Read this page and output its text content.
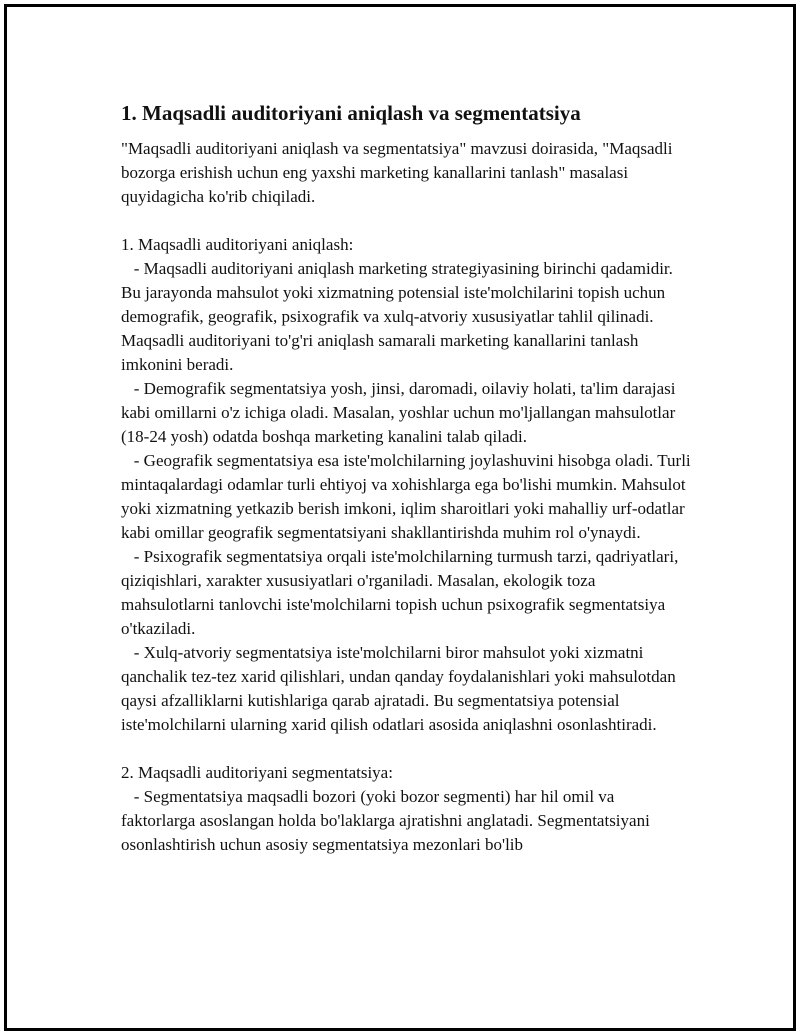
1. Maqsadli auditoriyani aniqlash va segmentatsiya

"Maqsadli auditoriyani aniqlash va segmentatsiya" mavzusi doirasida, "Maqsadli bozorga erishish uchun eng yaxshi marketing kanallarini tanlash" masalasi quyidagicha ko'rib chiqiladi.

1. Maqsadli auditoriyani aniqlash:

- Maqsadli auditoriyani aniqlash marketing strategiyasining birinchi qadamidir. Bu jarayonda mahsulot yoki xizmatning potensial iste'molchilarini topish uchun demografik, geografik, psixografik va xulq-atvoriy xususiyatlar tahlil qilinadi. Maqsadli auditoriyani to'g'ri aniqlash samarali marketing kanallarini tanlash imkonini beradi.

- Demografik segmentatsiya yosh, jinsi, daromadi, oilaviy holati, ta'lim darajasi kabi omillarni o'z ichiga oladi. Masalan, yoshlar uchun mo'ljallangan mahsulotlar (18-24 yosh) odatda boshqa marketing kanalini talab qiladi.

- Geografik segmentatsiya esa iste'molchilarning joylashuvini hisobga oladi. Turli mintaqalardagi odamlar turli ehtiyoj va xohishlarga ega bo'lishi mumkin. Mahsulot yoki xizmatning yetkazib berish imkoni, iqlim sharoitlari yoki mahalliy urf-odatlar kabi omillar geografik segmentatsiyani shakllantirishda muhim rol o'ynaydi.

- Psixografik segmentatsiya orqali iste'molchilarning turmush tarzi, qadriyatlari, qiziqishlari, xarakter xususiyatlari o'rganiladi. Masalan, ekologik toza mahsulotlarni tanlovchi iste'molchilarni topish uchun psixografik segmentatsiya o'tkaziladi.

- Xulq-atvoriy segmentatsiya iste'molchilarni biror mahsulot yoki xizmatni qanchalik tez-tez xarid qilishlari, undan qanday foydalanishlari yoki mahsulotdan qaysi afzalliklarni kutishlariga qarab ajratadi. Bu segmentatsiya potensial iste'molchilarni ularning xarid qilish odatlari asosida aniqlashni osonlashtiradi.

2. Maqsadli auditoriyani segmentatsiya:

- Segmentatsiya maqsadli bozori (yoki bozor segmenti) har hil omil va faktorlarga asoslangan holda bo'laklarga ajratishni anglatadi. Segmentatsiyani osonlashtirish uchun asosiy segmentatsiya mezonlari bo'lib
